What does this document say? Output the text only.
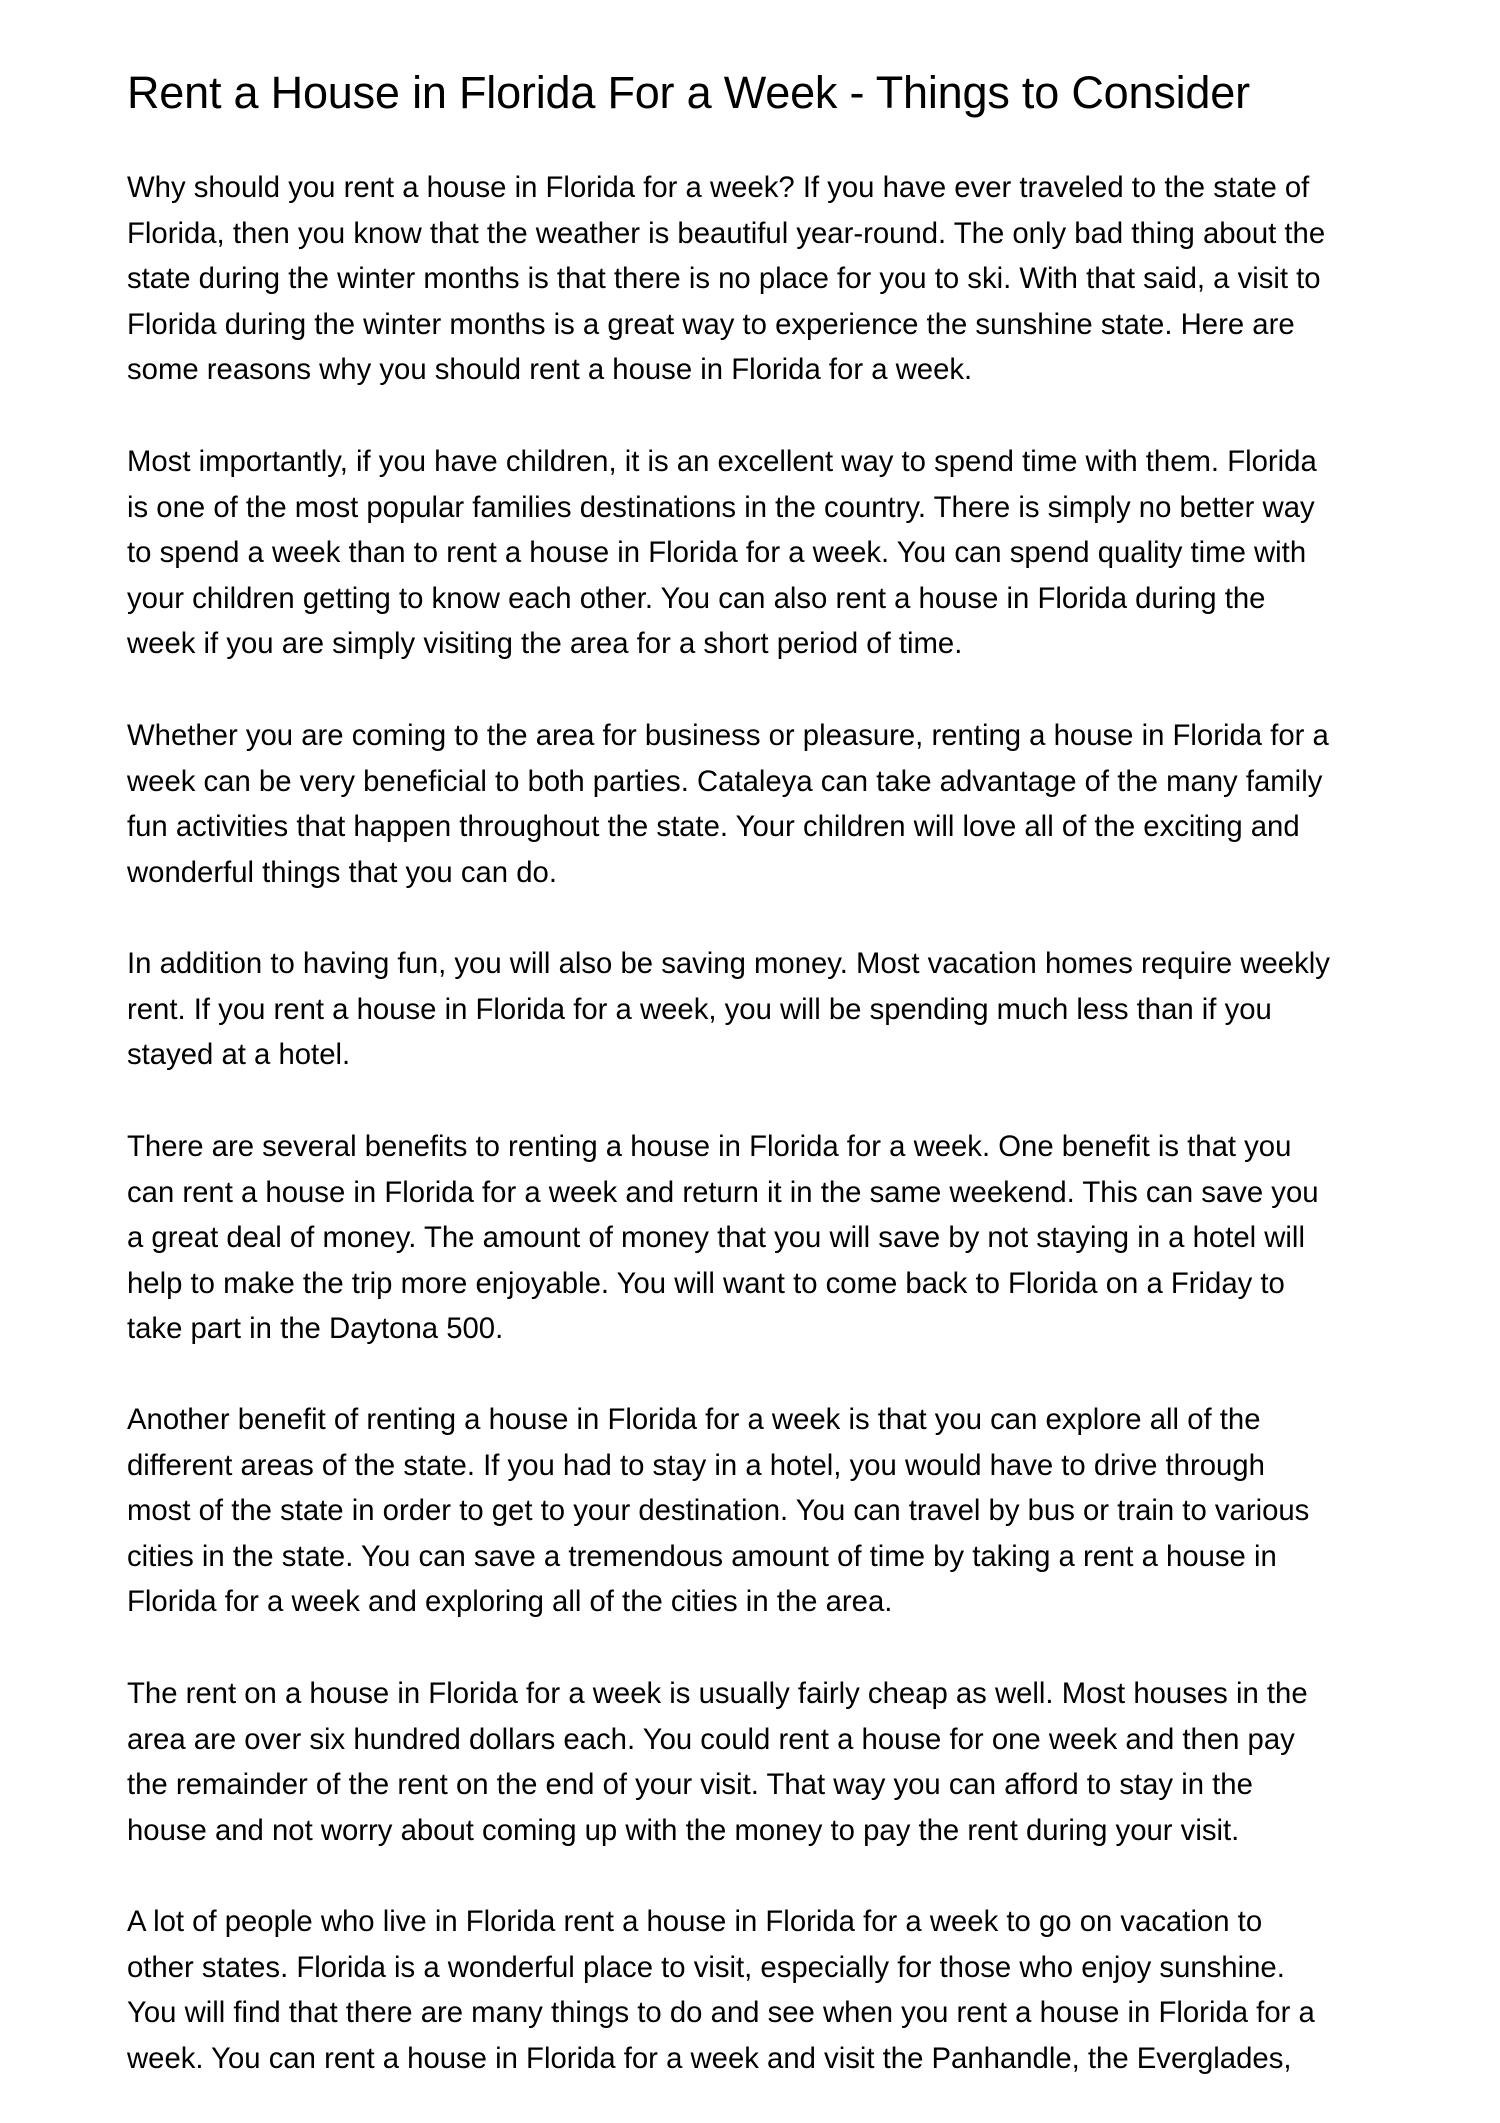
Rent a House in Florida For a Week - Things to Consider

Why should you rent a house in Florida for a week? If you have ever traveled to the state of
Florida, then you know that the weather is beautiful year-round. The only bad thing about the
state during the winter months is that there is no place for you to ski. With that said, a visit to
Florida during the winter months is a great way to experience the sunshine state. Here are
some reasons why you should rent a house in Florida for a week.

Most importantly, if you have children, it is an excellent way to spend time with them. Florida
is one of the most popular families destinations in the country. There is simply no better way
to spend a week than to rent a house in Florida for a week. You can spend quality time with
your children getting to know each other. You can also rent a house in Florida during the
week if you are simply visiting the area for a short period of time.

Whether you are coming to the area for business or pleasure, renting a house in Florida for a
week can be very beneficial to both parties. Cataleya can take advantage of the many family
fun activities that happen throughout the state. Your children will love all of the exciting and
wonderful things that you can do.

In addition to having fun, you will also be saving money. Most vacation homes require weekly
rent. If you rent a house in Florida for a week, you will be spending much less than if you
stayed at a hotel.

There are several benefits to renting a house in Florida for a week. One benefit is that you
can rent a house in Florida for a week and return it in the same weekend. This can save you
a great deal of money. The amount of money that you will save by not staying in a hotel will
help to make the trip more enjoyable. You will want to come back to Florida on a Friday to
take part in the Daytona 500.

Another benefit of renting a house in Florida for a week is that you can explore all of the
different areas of the state. If you had to stay in a hotel, you would have to drive through
most of the state in order to get to your destination. You can travel by bus or train to various
cities in the state. You can save a tremendous amount of time by taking a rent a house in
Florida for a week and exploring all of the cities in the area.

The rent on a house in Florida for a week is usually fairly cheap as well. Most houses in the
area are over six hundred dollars each. You could rent a house for one week and then pay
the remainder of the rent on the end of your visit. That way you can afford to stay in the
house and not worry about coming up with the money to pay the rent during your visit.

A lot of people who live in Florida rent a house in Florida for a week to go on vacation to
other states. Florida is a wonderful place to visit, especially for those who enjoy sunshine.
You will find that there are many things to do and see when you rent a house in Florida for a
week. You can rent a house in Florida for a week and visit the Panhandle, the Everglades,
